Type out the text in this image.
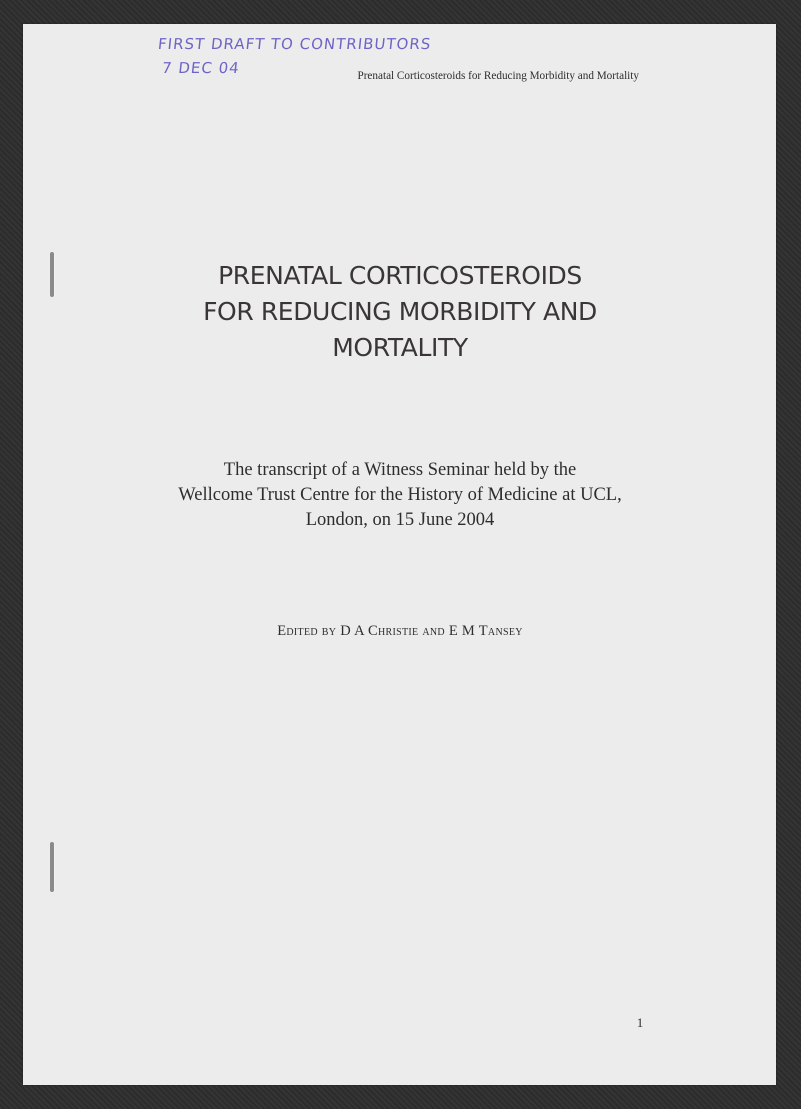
FIRST DRAFT TO CONTRIBUTORS
7 DEC 04	Prenatal Corticosteroids for Reducing Morbidity and Mortality
PRENATAL CORTICOSTEROIDS
FOR REDUCING MORBIDITY AND
MORTALITY
The transcript of a Witness Seminar held by the
Wellcome Trust Centre for the History of Medicine at UCL,
London, on 15 June 2004
Edited by D A Christie and E M Tansey
1
